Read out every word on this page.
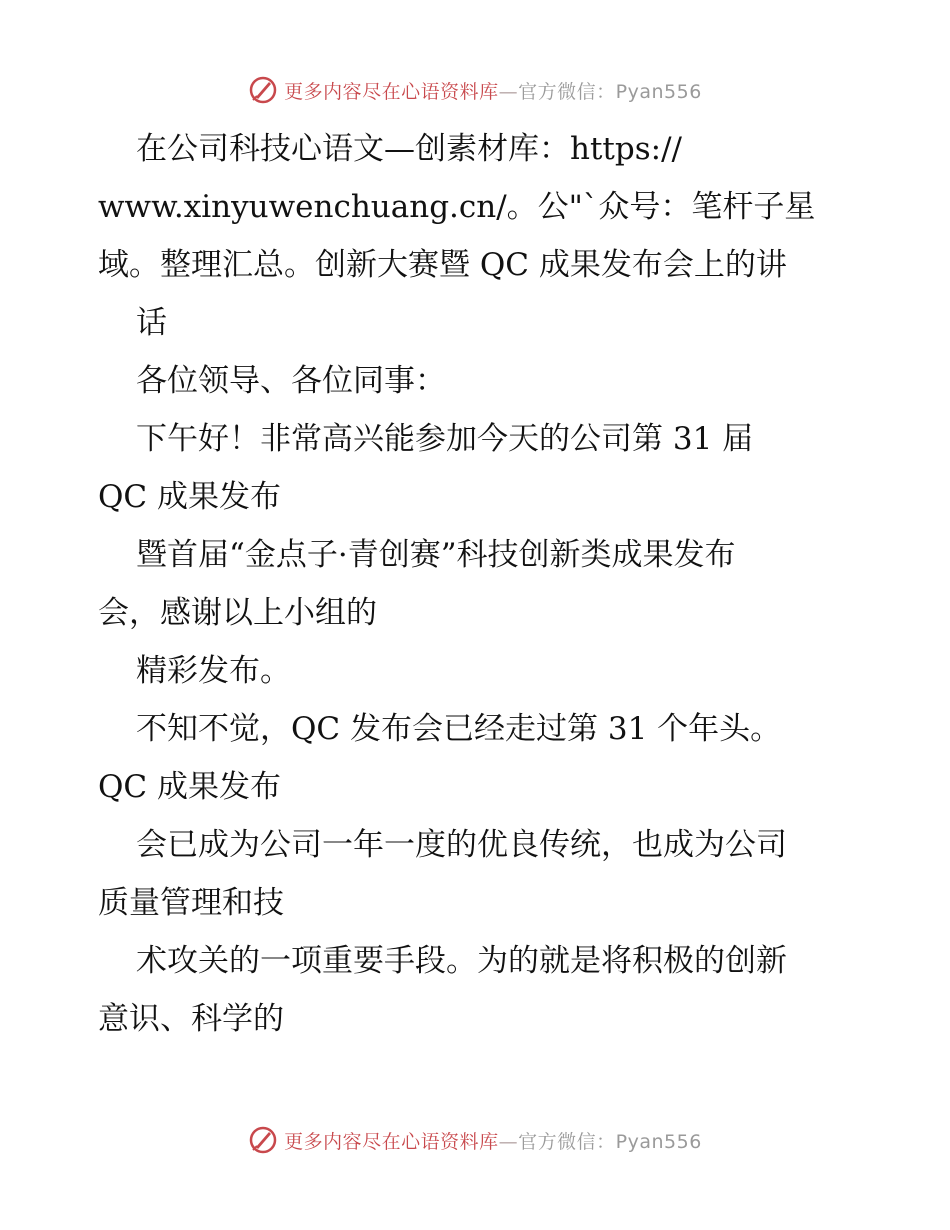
更多内容尽在心语资料库—官方微信：Pyan556
在公司科技心语文—创素材库：https://
www.xinyuwenchuang.cn/。公"`众号：笔杆子星
域。整理汇总。创新大赛暨 QC 成果发布会上的讲
话
各位领导、各位同事：
下午好！非常高兴能参加今天的公司第 31 届
QC 成果发布
暨首届“金点子·青创赛”科技创新类成果发布
会，感谢以上小组的
精彩发布。
不知不觉，QC 发布会已经走过第 31 个年头。
QC 成果发布
会已成为公司一年一度的优良传统，也成为公司
质量管理和技
术攻关的一项重要手段。为的就是将积极的创新
意识、科学的
更多内容尽在心语资料库—官方微信：Pyan556
